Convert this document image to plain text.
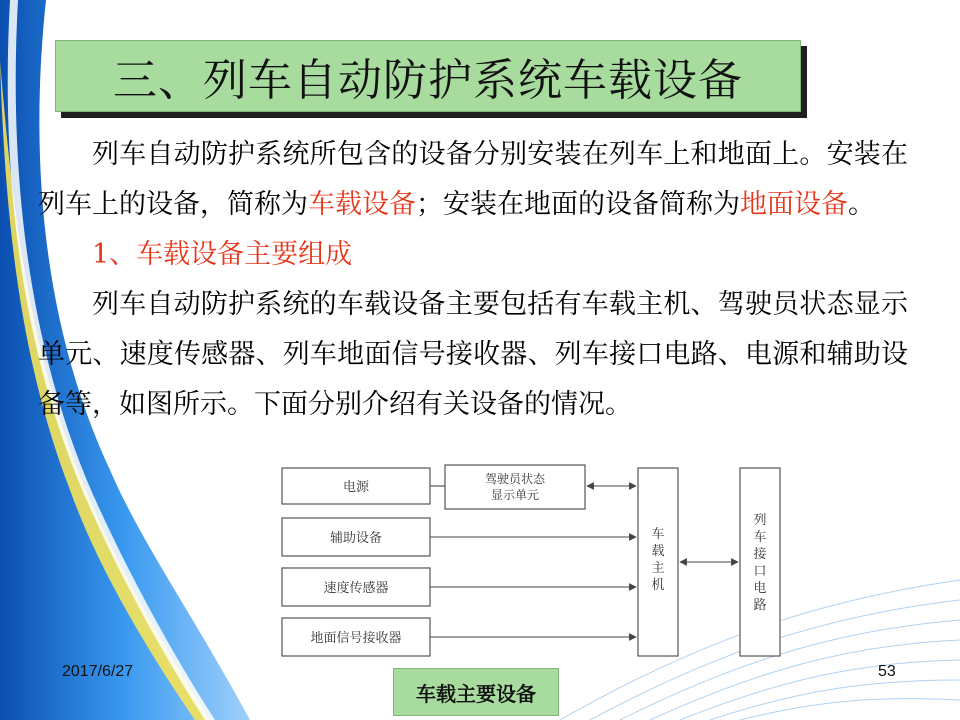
三、列车自动防护系统车载设备

列车自动防护系统所包含的设备分别安装在列车上和地面上。安装在列车上的设备，简称为车载设备；安装在地面的设备简称为地面设备。

1、车载设备主要组成

列车自动防护系统的车载设备主要包括有车载主机、驾驶员状态显示单元、速度传感器、列车地面信号接收器、列车接口电路、电源和辅助设备等，如图所示。下面分别介绍有关设备的情况。

电源
驾驶员状态
显示单元
辅助设备
速度传感器
地面信号接收器
车
载
主
机
列
车
接
口
电
路
2017/6/27	53
车载主要设备
